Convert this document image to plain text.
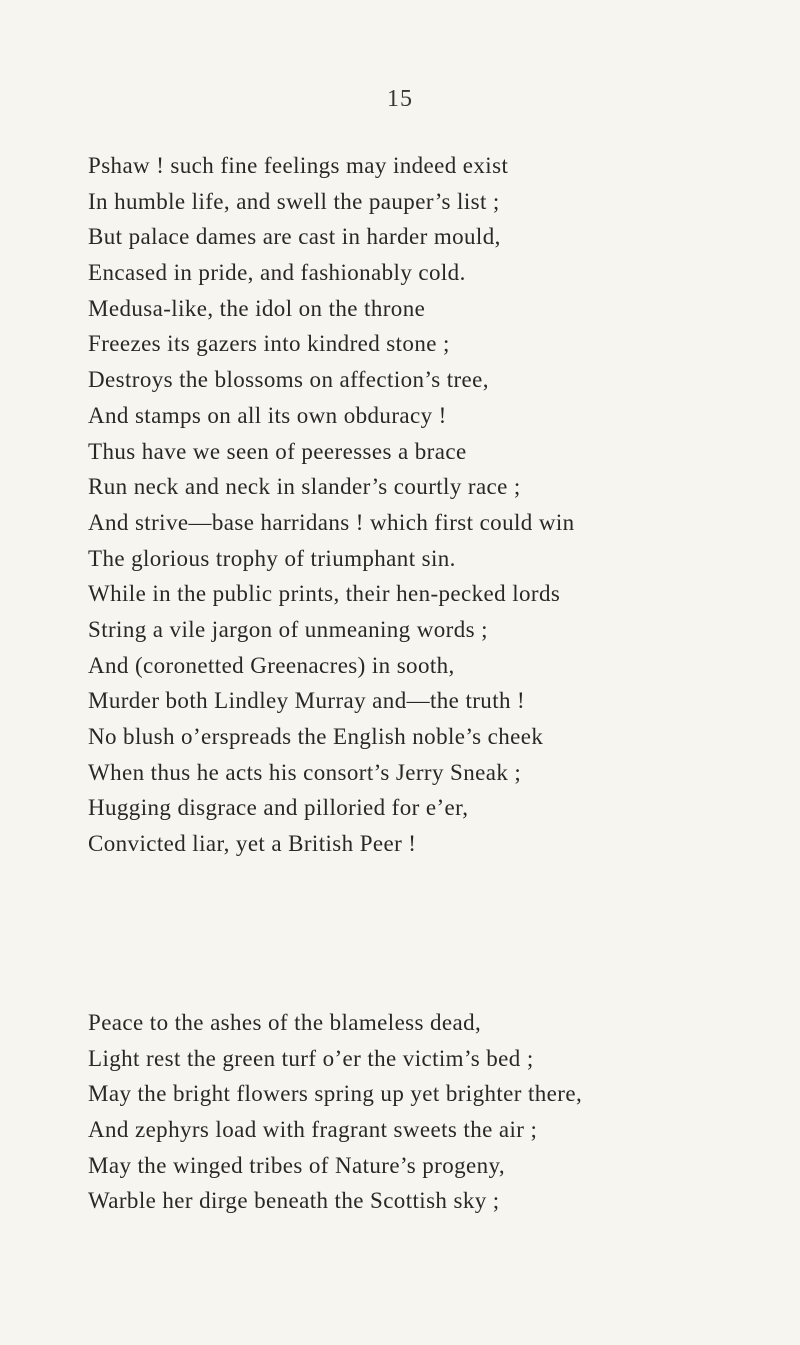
15
Pshaw ! such fine feelings may indeed exist
In humble life, and swell the pauper’s list ;
But palace dames are cast in harder mould,
Encased in pride, and fashionably cold.
Medusa-like, the idol on the throne
Freezes its gazers into kindred stone ;
Destroys the blossoms on affection’s tree,
And stamps on all its own obduracy !
Thus have we seen of peeresses a brace
Run neck and neck in slander’s courtly race ;
And strive—base harridans ! which first could win
The glorious trophy of triumphant sin.
While in the public prints, their hen-pecked lords
String a vile jargon of unmeaning words ;
And (coronetted Greenacres) in sooth,
Murder both Lindley Murray and—the truth !
No blush o’erspreads the English noble’s cheek
When thus he acts his consort’s Jerry Sneak ;
Hugging disgrace and pilloried for e’er,
Convicted liar, yet a British Peer !
Peace to the ashes of the blameless dead,
Light rest the green turf o’er the victim’s bed ;
May the bright flowers spring up yet brighter there,
And zephyrs load with fragrant sweets the air ;
May the winged tribes of Nature’s progeny,
Warble her dirge beneath the Scottish sky ;
